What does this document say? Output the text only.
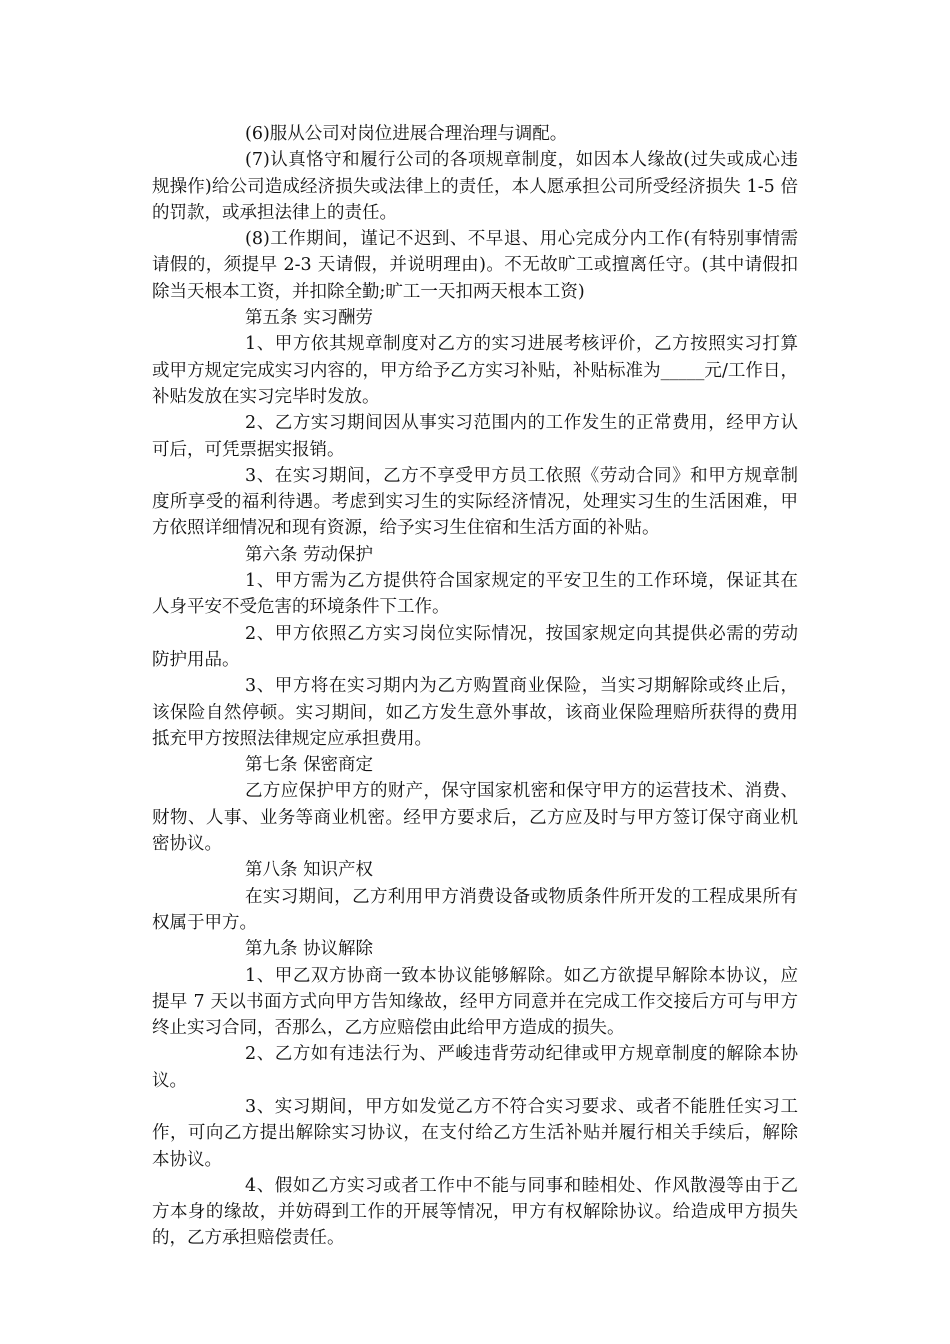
(6)服从公司对岗位进展合理治理与调配。

(7)认真恪守和履行公司的各项规章制度，如因本人缘故(过失或成心违规操作)给公司造成经济损失或法律上的责任，本人愿承担公司所受经济损失 1-5 倍的罚款，或承担法律上的责任。

(8)工作期间，谨记不迟到、不早退、用心完成分内工作(有特别事情需请假的，须提早 2-3 天请假，并说明理由)。不无故旷工或擅离任守。(其中请假扣除当天根本工资，并扣除全勤;旷工一天扣两天根本工资)

第五条 实习酬劳

1、甲方依其规章制度对乙方的实习进展考核评价，乙方按照实习打算或甲方规定完成实习内容的，甲方给予乙方实习补贴，补贴标准为_____元/工作日，补贴发放在实习完毕时发放。

2、乙方实习期间因从事实习范围内的工作发生的正常费用，经甲方认可后，可凭票据实报销。

3、在实习期间，乙方不享受甲方员工依照《劳动合同》和甲方规章制度所享受的福利待遇。考虑到实习生的实际经济情况，处理实习生的生活困难，甲方依照详细情况和现有资源，给予实习生住宿和生活方面的补贴。

第六条 劳动保护

1、甲方需为乙方提供符合国家规定的平安卫生的工作环境，保证其在人身平安不受危害的环境条件下工作。

2、甲方依照乙方实习岗位实际情况，按国家规定向其提供必需的劳动防护用品。

3、甲方将在实习期内为乙方购置商业保险，当实习期解除或终止后，该保险自然停顿。实习期间，如乙方发生意外事故，该商业保险理赔所获得的费用抵充甲方按照法律规定应承担费用。

第七条 保密商定

乙方应保护甲方的财产，保守国家机密和保守甲方的运营技术、消费、财物、人事、业务等商业机密。经甲方要求后，乙方应及时与甲方签订保守商业机密协议。

第八条 知识产权

在实习期间，乙方利用甲方消费设备或物质条件所开发的工程成果所有权属于甲方。

第九条 协议解除

1、甲乙双方协商一致本协议能够解除。如乙方欲提早解除本协议，应提早 7 天以书面方式向甲方告知缘故，经甲方同意并在完成工作交接后方可与甲方终止实习合同，否那么，乙方应赔偿由此给甲方造成的损失。

2、乙方如有违法行为、严峻违背劳动纪律或甲方规章制度的解除本协议。

3、实习期间，甲方如发觉乙方不符合实习要求、或者不能胜任实习工作，可向乙方提出解除实习协议，在支付给乙方生活补贴并履行相关手续后，解除本协议。

4、假如乙方实习或者工作中不能与同事和睦相处、作风散漫等由于乙方本身的缘故，并妨碍到工作的开展等情况，甲方有权解除协议。给造成甲方损失的，乙方承担赔偿责任。
